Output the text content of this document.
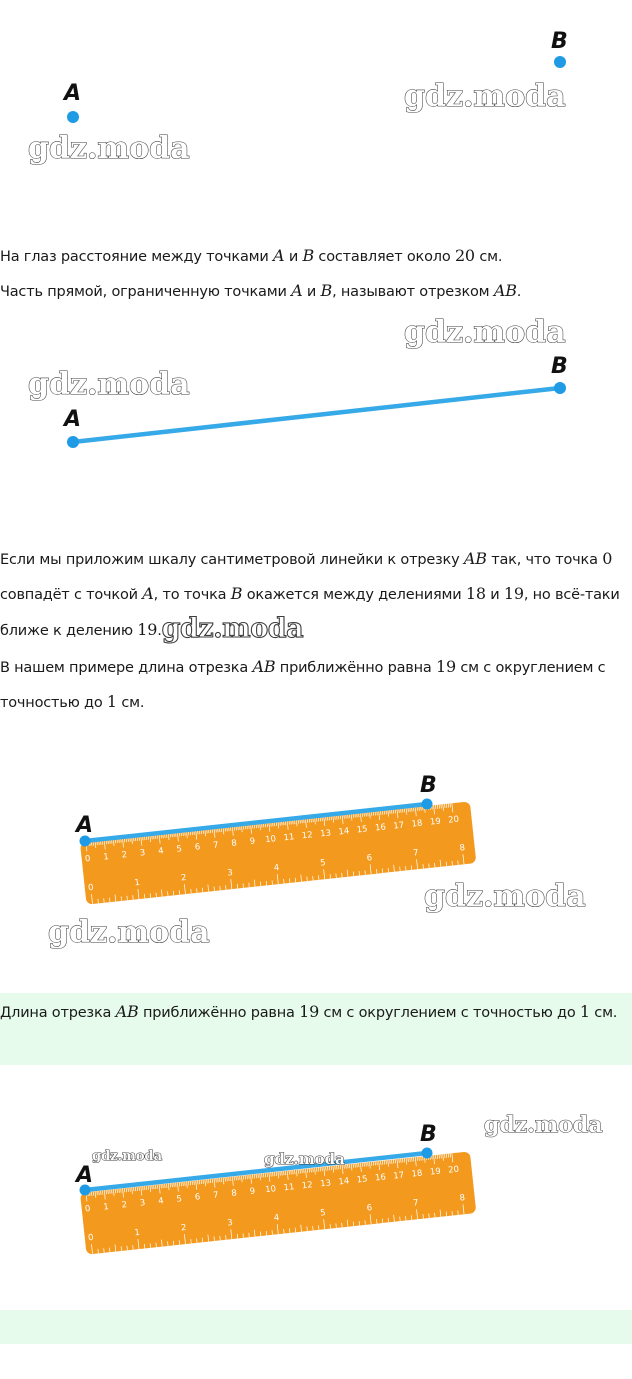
A
B
gdz.moda
gdz.moda
На глаз расстояние между точками A и B составляет около 20 см.
Часть прямой, ограниченную точками A и B, называют отрезком AB.
A
B
gdz.moda
gdz.moda
Если мы приложим шкалу сантиметровой линейки к отрезку AB так, что точка 0 совпадёт с точкой A, то точка B окажется между делениями 18 и 19, но всё-таки ближе к делению 19.gdz.moda
В нашем примере длина отрезка AB приближённо равна 19 см с округлением с точностью до 1 см.
0 1 2 3 4 5 6 7 8 9 10 11 12 13 14 15 16 17 18 19 20
0	1	2	3	4	5	6	7	8
A
B
gdz.moda
gdz.moda
Длина отрезка AB приближённо равна 19 см с округлением с точностью до 1 см.
0 1 2 3 4 5 6 7 8 9 10 11 12 13 14 15 16 17 18 19 20
0	1	2	3	4	5	6	7	8
A
B gdz.moda
gdz.moda	gdz.moda
